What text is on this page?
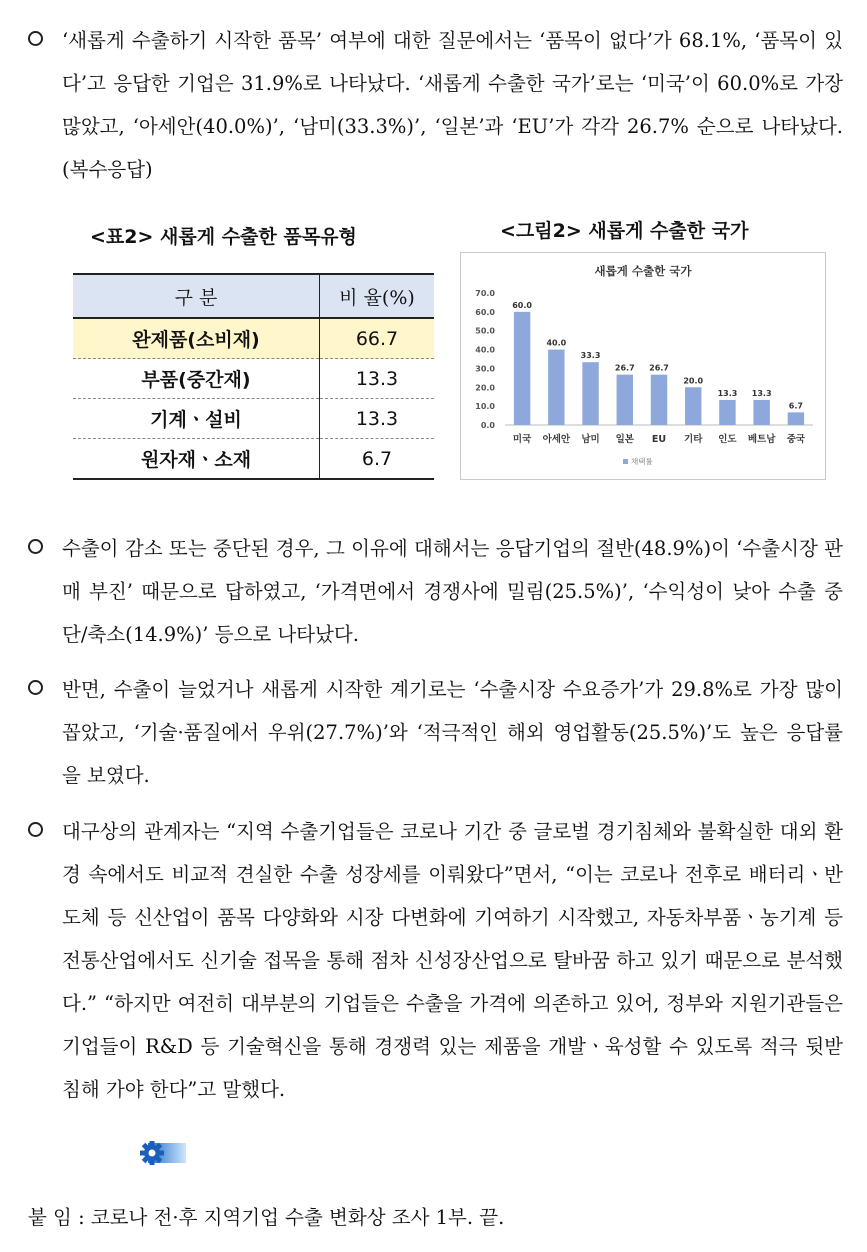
‘새롭게 수출하기 시작한 품목’ 여부에 대한 질문에서는 ‘품목이 없다’가 68.1%, ‘품목이 있다’고 응답한 기업은 31.9%로 나타났다. ‘새롭게 수출한 국가’로는 ‘미국’이 60.0%로 가장 많았고, ‘아세안(40.0%)’, ‘남미(33.3%)’, ‘일본’과 ‘EU’가 각각 26.7% 순으로 나타났다. (복수응답)
<표2> 새롭게 수출한 품목유형	<그림2> 새롭게 수출한 국가
구 분	비 율(%)
완제품(소비재)	66.7
부품(중간재)	13.3
기계ㆍ설비	13.3
원자재ㆍ소재	6.7
새롭게 수출한 국가
0.0
10.0
20.0
30.0
40.0
50.0
60.0
70.0
60.0
미국
40.0
아세안
33.3
남미
26.7
일본
26.7
EU
20.0
기타
13.3
인도
13.3
베트남
6.7
중국
채택률
수출이 감소 또는 중단된 경우, 그 이유에 대해서는 응답기업의 절반(48.9%)이 ‘수출시장 판매 부진’ 때문으로 답하였고, ‘가격면에서 경쟁사에 밀림(25.5%)’, ‘수익성이 낮아 수출 중단/축소(14.9%)’ 등으로 나타났다.
반면, 수출이 늘었거나 새롭게 시작한 계기로는 ‘수출시장 수요증가’가 29.8%로 가장 많이 꼽았고, ‘기술·품질에서 우위(27.7%)’와 ‘적극적인 해외 영업활동(25.5%)’도 높은 응답률을 보였다.
대구상의 관계자는 “지역 수출기업들은 코로나 기간 중 글로벌 경기침체와 불확실한 대외 환경 속에서도 비교적 견실한 수출 성장세를 이뤄왔다”면서, “이는 코로나 전후로 배터리ㆍ반도체 등 신산업이 품목 다양화와 시장 다변화에 기여하기 시작했고, 자동차부품ㆍ농기계 등 전통산업에서도 신기술 접목을 통해 점차 신성장산업으로 탈바꿈 하고 있기 때문으로 분석했다.” “하지만 여전히 대부분의 기업들은 수출을 가격에 의존하고 있어, 정부와 지원기관들은 기업들이 R&D 등 기술혁신을 통해 경쟁력 있는 제품을 개발ㆍ육성할 수 있도록 적극 뒷받침해 가야 한다”고 말했다.
붙 임 : 코로나 전·후 지역기업 수출 변화상 조사 1부. 끝.
